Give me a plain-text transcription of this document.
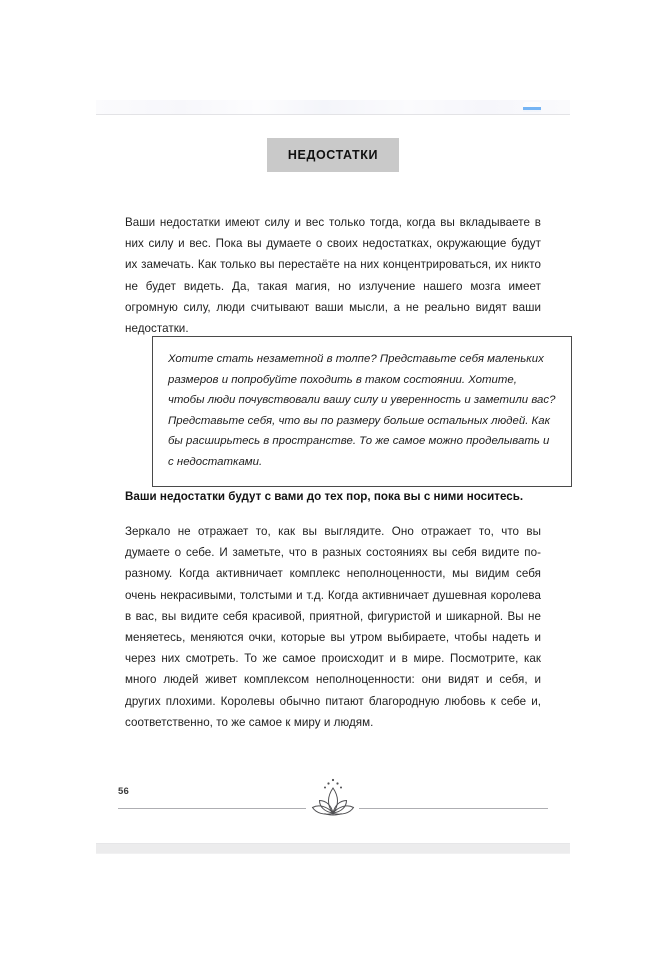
НЕДОСТАТКИ

Ваши недостатки имеют силу и вес только тогда, когда вы вкладываете в них силу и вес. Пока вы думаете о своих недостатках, окружающие будут их замечать. Как только вы перестаёте на них концентрироваться, их никто не будет видеть. Да, такая магия, но излучение нашего мозга имеет огромную силу, люди считывают ваши мысли, а не реально видят ваши недостатки.

Хотите стать незаметной в толпе? Представьте себя маленьких размеров и попробуйте походить в таком состоянии. Хотите, чтобы люди почувствовали вашу силу и уверенность и заметили вас?

Представьте себя, что вы по размеру больше остальных людей. Как бы расширьтесь в пространстве. То же самое можно проделывать и с недостатками.

Ваши недостатки будут с вами до тех пор, пока вы с ними носитесь.

Зеркало не отражает то, как вы выглядите. Оно отражает то, что вы думаете о себе. И заметьте, что в разных состояниях вы себя видите по-разному. Когда активничает комплекс неполноценности, мы видим себя очень некрасивыми, толстыми и т.д. Когда активничает душевная королева в вас, вы видите себя красивой, приятной, фигуристой и шикарной. Вы не меняетесь, меняются очки, которые вы утром выбираете, чтобы надеть и через них смотреть. То же самое происходит и в мире. Посмотрите, как много людей живет комплексом неполноценности: они видят и себя, и других плохими. Королевы обычно питают благородную любовь к себе и, соответственно, то же самое к миру и людям.

56
